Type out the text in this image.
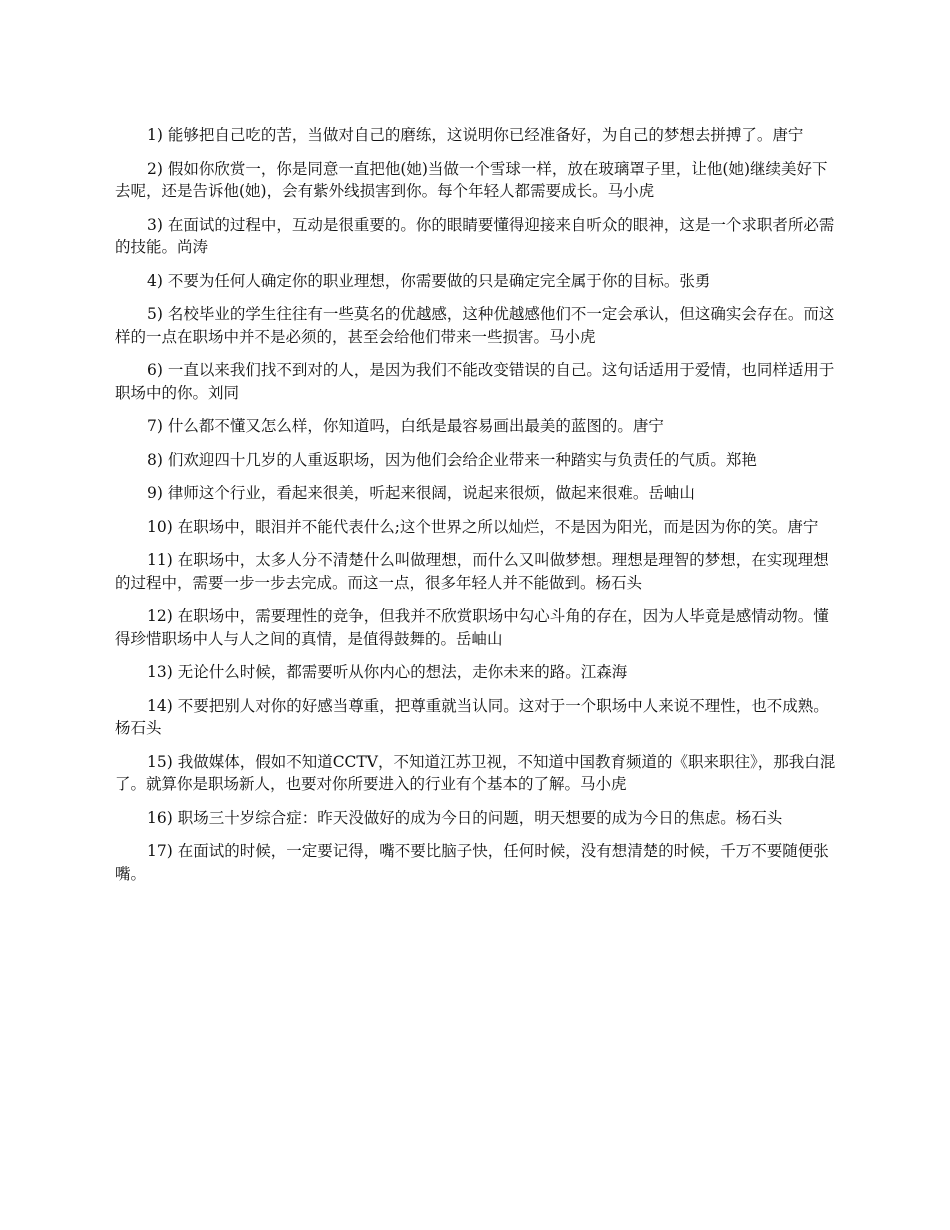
1) 能够把自己吃的苦，当做对自己的磨练，这说明你已经准备好，为自己的梦想去拼搏了。唐宁

2) 假如你欣赏一，你是同意一直把他(她)当做一个雪球一样，放在玻璃罩子里，让他(她)继续美好下去呢，还是告诉他(她)，会有紫外线损害到你。每个年轻人都需要成长。马小虎

3) 在面试的过程中，互动是很重要的。你的眼睛要懂得迎接来自听众的眼神，这是一个求职者所必需的技能。尚涛

4) 不要为任何人确定你的职业理想，你需要做的只是确定完全属于你的目标。张勇

5) 名校毕业的学生往往有一些莫名的优越感，这种优越感他们不一定会承认，但这确实会存在。而这样的一点在职场中并不是必须的，甚至会给他们带来一些损害。马小虎

6) 一直以来我们找不到对的人，是因为我们不能改变错误的自己。这句话适用于爱情，也同样适用于职场中的你。刘同

7) 什么都不懂又怎么样，你知道吗，白纸是最容易画出最美的蓝图的。唐宁

8) 们欢迎四十几岁的人重返职场，因为他们会给企业带来一种踏实与负责任的气质。郑艳

9) 律师这个行业，看起来很美，听起来很阔，说起来很烦，做起来很难。岳岫山

10) 在职场中，眼泪并不能代表什么;这个世界之所以灿烂，不是因为阳光，而是因为你的笑。唐宁

11) 在职场中，太多人分不清楚什么叫做理想，而什么又叫做梦想。理想是理智的梦想，在实现理想的过程中，需要一步一步去完成。而这一点，很多年轻人并不能做到。杨石头

12) 在职场中，需要理性的竞争，但我并不欣赏职场中勾心斗角的存在，因为人毕竟是感情动物。懂得珍惜职场中人与人之间的真情，是值得鼓舞的。岳岫山

13) 无论什么时候，都需要听从你内心的想法，走你未来的路。江森海

14) 不要把别人对你的好感当尊重，把尊重就当认同。这对于一个职场中人来说不理性，也不成熟。杨石头

15) 我做媒体，假如不知道CCTV，不知道江苏卫视，不知道中国教育频道的《职来职往》，那我白混了。就算你是职场新人，也要对你所要进入的行业有个基本的了解。马小虎

16) 职场三十岁综合症：昨天没做好的成为今日的问题，明天想要的成为今日的焦虑。杨石头

17) 在面试的时候，一定要记得，嘴不要比脑子快，任何时候，没有想清楚的时候，千万不要随便张嘴。
